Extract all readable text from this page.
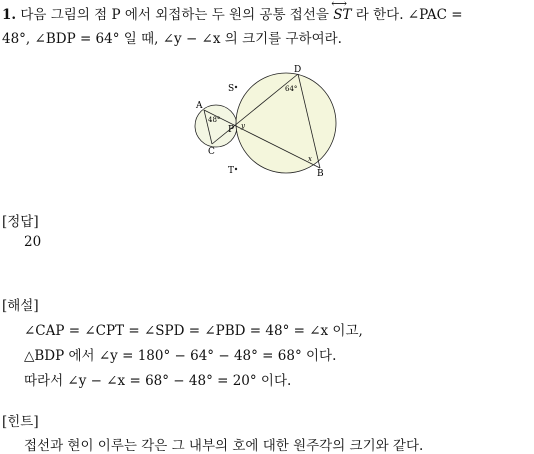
1. 다음 그림의 점 P 에서 외접하는 두 원의 공통 접선을 ⟷ ST 라 한다. ∠PAC =
48°, ∠BDP = 64° 일 때, ∠y − ∠x 의 크기를 구하여라.
S
T
A
C
D
B
P
48°
64°
y
x
[정답]
20
[해설]
∠CAP = ∠CPT = ∠SPD = ∠PBD = 48° = ∠x 이고,
△BDP 에서 ∠y = 180° − 64° − 48° = 68° 이다.
따라서 ∠y − ∠x = 68° − 48° = 20° 이다.
[힌트]
접선과 현이 이루는 각은 그 내부의 호에 대한 원주각의 크기와 같다.
